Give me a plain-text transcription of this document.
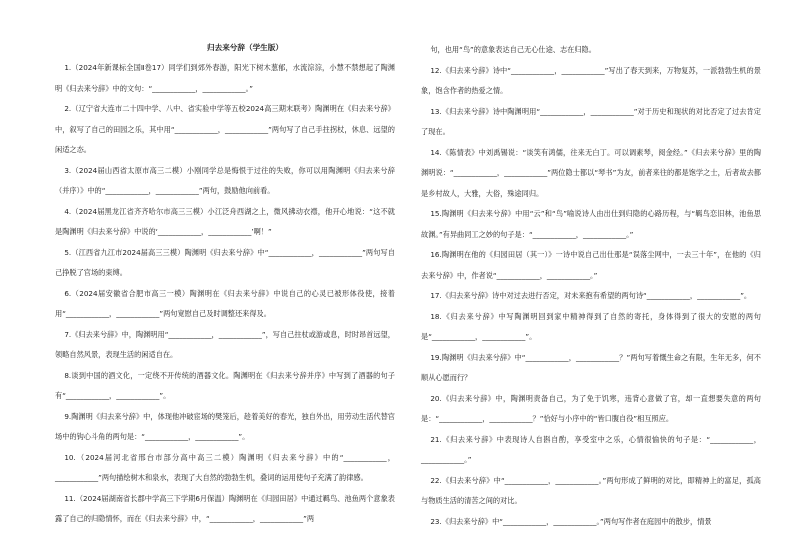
归去来兮辞（学生版）

1.（2024年新课标全国Ⅱ卷17）同学们到郊外春游，阳光下树木葱郁，水流淙淙，小慧不禁想起了陶渊明《归去来兮辞》中的文句：“____________，____________。”

2.（辽宁省大连市二十四中学、八中、省实验中学等五校2024高三期末联考）陶渊明在《归去来兮辞》中，叙写了自己的田园之乐，其中用“____________，____________”两句写了自己手拄拐杖，休息、远望的闲适之态。

3.（2024届山西省太原市高三二模）小刚同学总是悔恨于过往的失败，你可以用陶渊明《归去来兮辞（并序）》中的“____________，____________”两句，鼓励他向前看。

4.（2024届黑龙江省齐齐哈尔市高三三模）小江泛舟西湖之上，微风拂动衣襟，他开心地说：“这不就是陶渊明《归去来兮辞》中说的‘____________，____________’啊！”

5.（江西省九江市2024届高三三模）陶渊明《归去来兮辞》中“____________，____________”两句写自己挣脱了官场的束缚。

6.（2024届安徽省合肥市高三一模）陶渊明在《归去来兮辞》中说自己的心灵已被形体役使，接着用“____________，____________”两句宽慰自己及时调整还来得及。

7.《归去来兮辞》中，陶渊明用“____________，____________”，写自己拄杖或游或息，时时昂首远望，领略自然风景，表现生活的闲适自在。

8.谈到中国的酒文化，一定绕不开传统的酒器文化。陶渊明在《归去来兮辞并序》中写到了酒器的句子有“____________，____________”。

9.陶渊明《归去来兮辞》中，体现他冲破宦场的樊笼后，趁着美好的春光，独自外出，用劳动生活代替官场中的钩心斗角的两句是：“____________，____________”。

10.（2024届河北省邢台市部分高中高三二模）陶渊明《归去来兮辞》中的“____________，____________”两句描绘树木和泉水，表现了大自然的勃勃生机，叠词的运用使句子充满了韵律感。

11.（2024届湖南省长郡中学高三下学期6月保温）陶渊明在《归园田居》中通过羁鸟、池鱼两个意象表露了自己的归隐情怀，而在《归去来兮辞》中，“____________，____________”两

句，也用“鸟”的意象表达自己无心仕途、志在归隐。

12.《归去来兮辞》诗中“____________，____________”写出了春天到来，万物复苏，一派勃勃生机的景象，饱含作者的热爱之情。

13.《归去来兮辞》诗中陶渊明用“____________，____________”对于历史和现状的对比否定了过去肯定了现在。

14.《陈情表》中刘禹锡说：“谈笑有鸿儒，往来无白丁。可以调素琴，阅金经。”《归去来兮辞》里的陶渊明说：“____________，____________”两位隐士都以“琴书”为友，前者来往的都是饱学之士，后者故去都是乡村故人，大雅，大俗，殊途同归。

15.陶渊明《归去来兮辞》中用“云”和“鸟”喻说诗人由出仕到归隐的心路历程，与“羁鸟恋旧林，池鱼思故渊。”有异曲同工之妙的句子是：“____________，____________。”

16.陶渊明在他的《归园田居（其一）》一诗中说自己出仕那是“误落尘网中，一去三十年”，在他的《归去来兮辞》中，作者说“____________，____________。”

17.《归去来兮辞》诗中对过去进行否定，对未来抱有希望的两句诗“____________，____________”。

18.《归去来兮辞》中写陶渊明回到家中精神得到了自然的寄托，身体得到了很大的安慰的两句是“____________，____________”。

19.陶渊明《归去来兮辞》中“____________，____________？”两句写着慨生命之有限，生年无多，何不顺从心愿而行？

20.《归去来兮辞》中，陶渊明责备自己，为了免于饥寒，违背心意做了官，却一直想要失意的两句是：“____________，____________？”恰好与小序中的“皆口腹自役”相互照应。

21.《归去来兮辞》中表现诗人自斟自酌，享受室中之乐，心情很愉快的句子是：“____________，____________。”

22.《归去来兮辞》中“____________，____________。”两句形成了鲜明的对比，即精神上的富足，孤高与物质生活的清苦之间的对比。

23.《归去来兮辞》中“____________，____________。”两句写作者在庭园中的散步，情景
